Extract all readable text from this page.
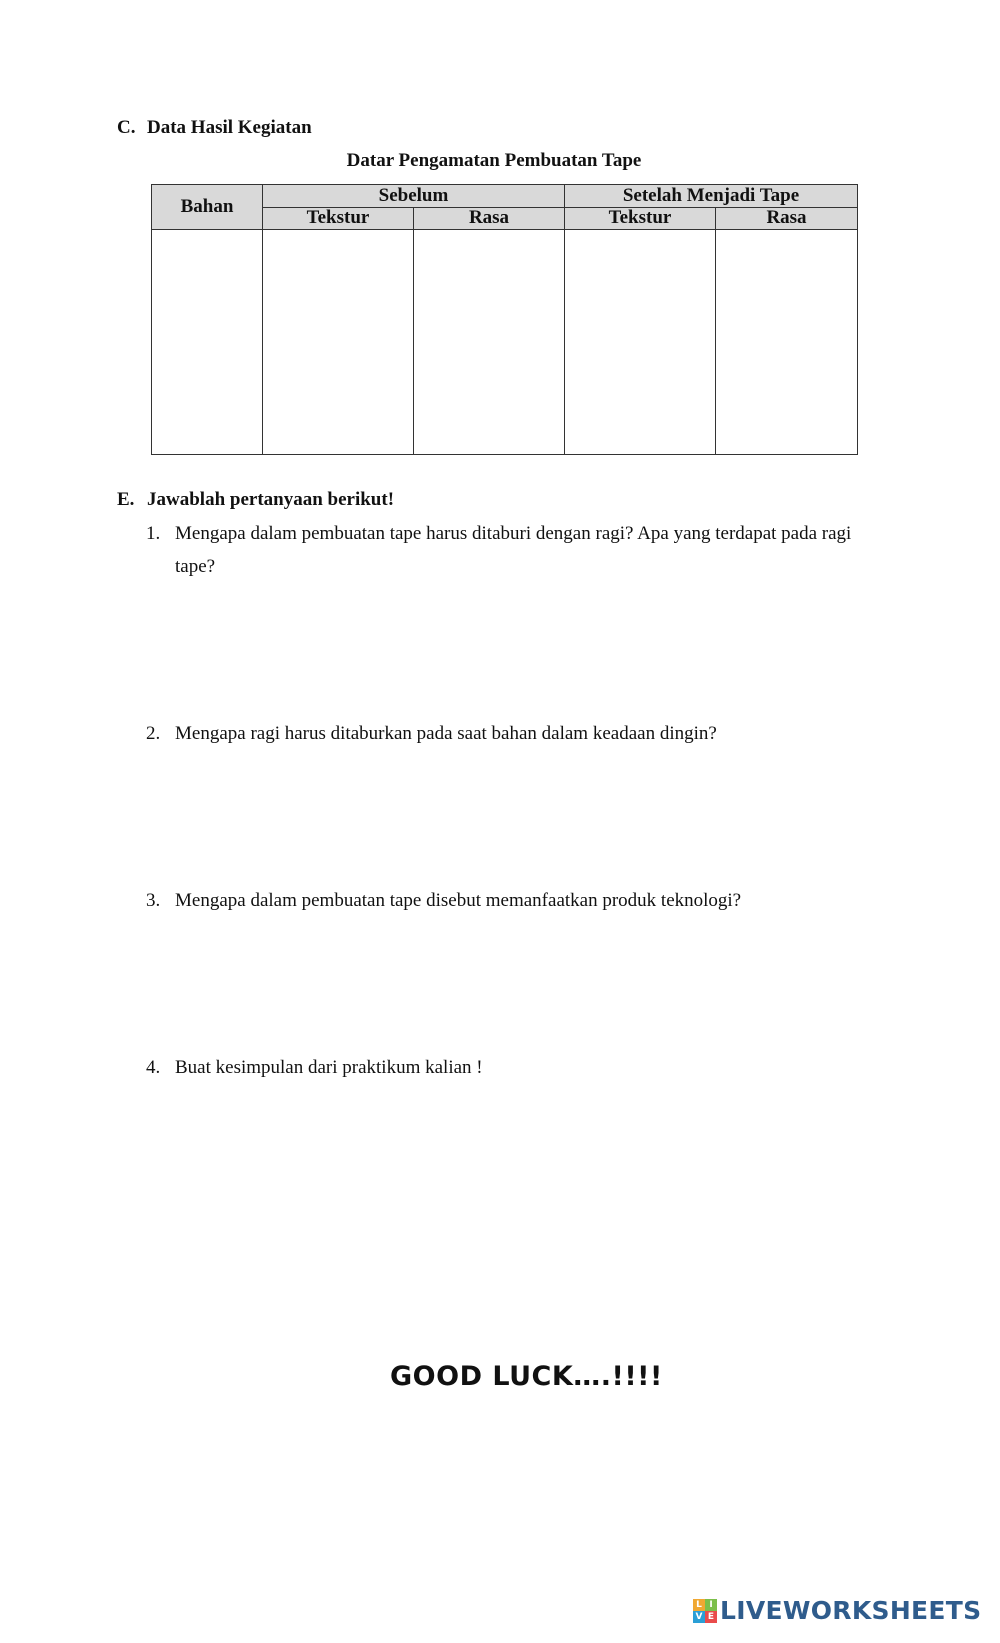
C. Data Hasil Kegiatan
Datar Pengamatan Pembuatan Tape
Bahan	Sebelum		Setelah Menjadi Tape	
	Tekstur	Rasa	Tekstur	Rasa

E. Jawablah pertanyaan berikut!
1. Mengapa dalam pembuatan tape harus ditaburi dengan ragi? Apa yang terdapat pada ragi tape?
2. Mengapa ragi harus ditaburkan pada saat bahan dalam keadaan dingin?
3. Mengapa dalam pembuatan tape disebut memanfaatkan produk teknologi?
4. Buat kesimpulan dari praktikum kalian !
GOOD LUCK….!!!!
L I
V E LIVEWORKSHEETS
